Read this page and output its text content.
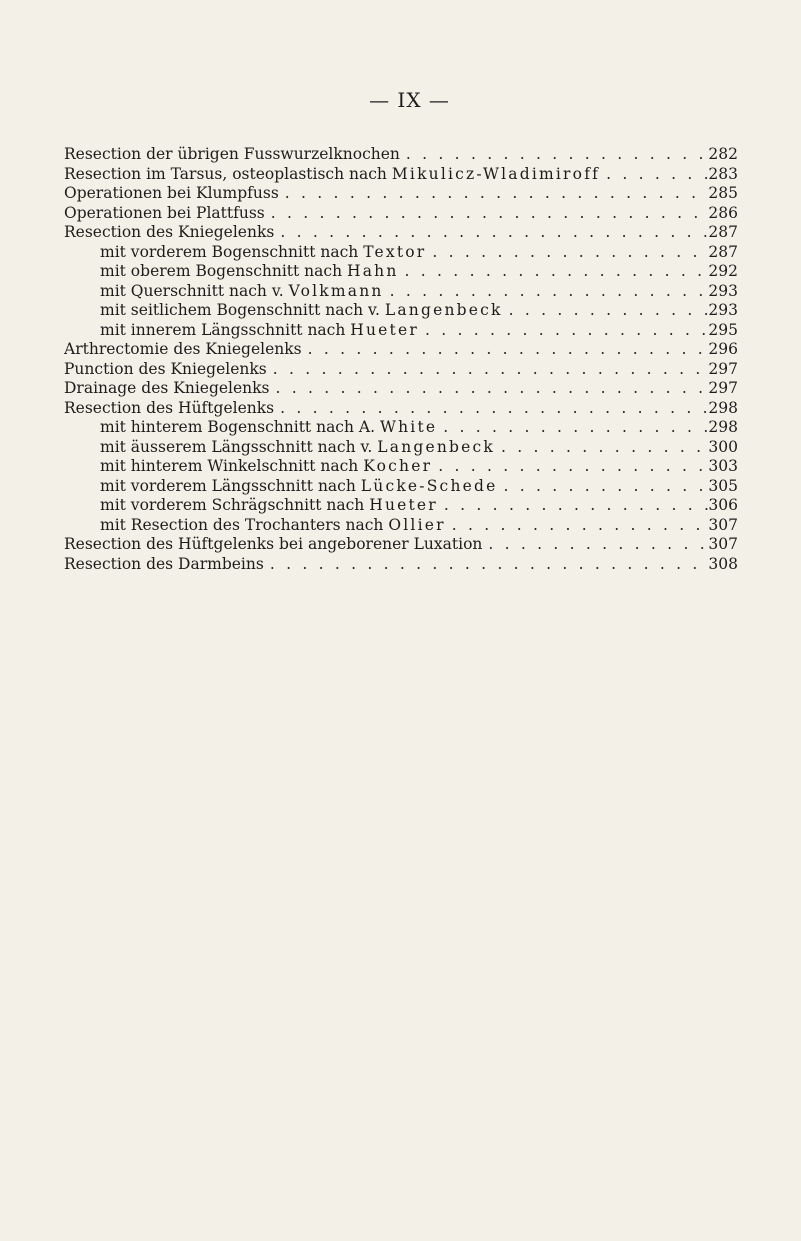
— IX —
Resection der übrigen Fusswurzelknochen . . .	282
Resection im Tarsus, osteoplastisch nach Mikulicz-Wladimiroff . . .	283
Operationen bei Klumpfuss . . .	285
Operationen bei Plattfuss . . .	286
Resection des Kniegelenks . . .	287
mit vorderem Bogenschnitt nach Textor . . .	287
mit oberem Bogenschnitt nach Hahn . . .	292
mit Querschnitt nach v. Volkmann . . .	293
mit seitlichem Bogenschnitt nach v. Langenbeck . . .	293
mit innerem Längsschnitt nach Hueter . . .	295
Arthrectomie des Kniegelenks . . .	296
Punction des Kniegelenks . . .	297
Drainage des Kniegelenks . . .	297
Resection des Hüftgelenks . . .	298
mit hinterem Bogenschnitt nach A. White . . .	298
mit äusserem Längsschnitt nach v. Langenbeck . . .	300
mit hinterem Winkelschnitt nach Kocher . . .	303
mit vorderem Längsschnitt nach Lücke-Schede . . .	305
mit vorderem Schrägschnitt nach Hueter . . .	306
mit Resection des Trochanters nach Ollier . . .	307
Resection des Hüftgelenks bei angeborener Luxation . . .	307
Resection des Darmbeins . . .	308
